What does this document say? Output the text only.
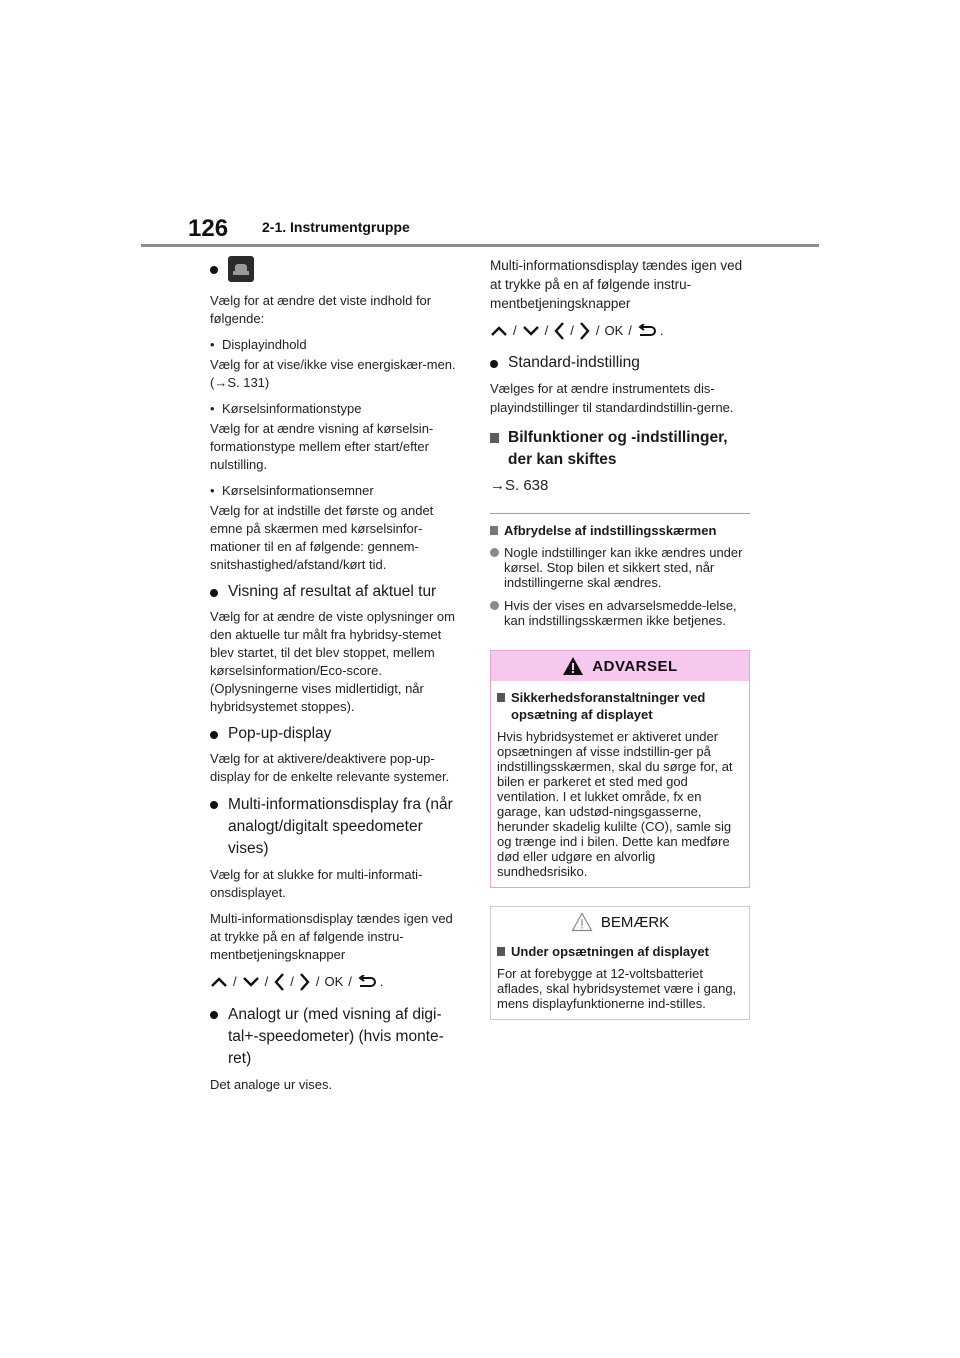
126 2-1. Instrumentgruppe

Vælg for at ændre det viste indhold for følgende:

• Displayindhold

Vælg for at vise/ikke vise energiskær-men. (→S. 131)

• Kørselsinformationstype

Vælg for at ændre visning af kørselsin-formationstype mellem efter start/efter nulstilling.

• Kørselsinformationsemner

Vælg for at indstille det første og andet emne på skærmen med kørselsinfor-mationer til en af følgende: gennem-snitshastighed/afstand/kørt tid.

Visning af resultat af aktuel tur

Vælg for at ændre de viste oplysninger om den aktuelle tur målt fra hybridsy-stemet blev startet, til det blev stoppet, mellem kørselsinformation/Eco-score. (Oplysningerne vises midlertidigt, når hybridsystemet stoppes).

Pop-up-display

Vælg for at aktivere/deaktivere pop-up-display for de enkelte relevante systemer.

Multi-informationsdisplay fra (når analogt/digitalt speedometer vises)

Vælg for at slukke for multi-informati-onsdisplayet.

Multi-informationsdisplay tændes igen ved at trykke på en af følgende instru-mentbetjeningsknapper

/ / / / OK / .
Analogt ur (med visning af digi-tal+-speedometer) (hvis monte-ret)

Det analoge ur vises.

Multi-informationsdisplay tændes igen ved at trykke på en af følgende instru-mentbetjeningsknapper

/ / / / OK / .
Standard-indstilling

Vælges for at ændre instrumentets dis-playindstillinger til standardindstillin-gerne.

Bilfunktioner og -indstillinger, der kan skiftes

→S. 638

Afbrydelse af indstillingsskærmen
Nogle indstillinger kan ikke ændres under kørsel. Stop bilen et sikkert sted, når indstillingerne skal ændres.
Hvis der vises en advarselsmedde-lelse, kan indstillingsskærmen ikke betjenes.
ADVARSEL
Sikkerhedsforanstaltninger ved opsætning af displayet

Hvis hybridsystemet er aktiveret under opsætningen af visse indstillin-ger på indstillingsskærmen, skal du sørge for, at bilen er parkeret et sted med god ventilation. I et lukket område, fx en garage, kan udstød-ningsgasserne, herunder skadelig kulilte (CO), samle sig og trænge ind i bilen. Dette kan medføre død eller udgøre en alvorlig sundhedsrisiko.

BEMÆRK
Under opsætningen af displayet

For at forebygge at 12-voltsbatteriet aflades, skal hybridsystemet være i gang, mens displayfunktionerne ind-stilles.
